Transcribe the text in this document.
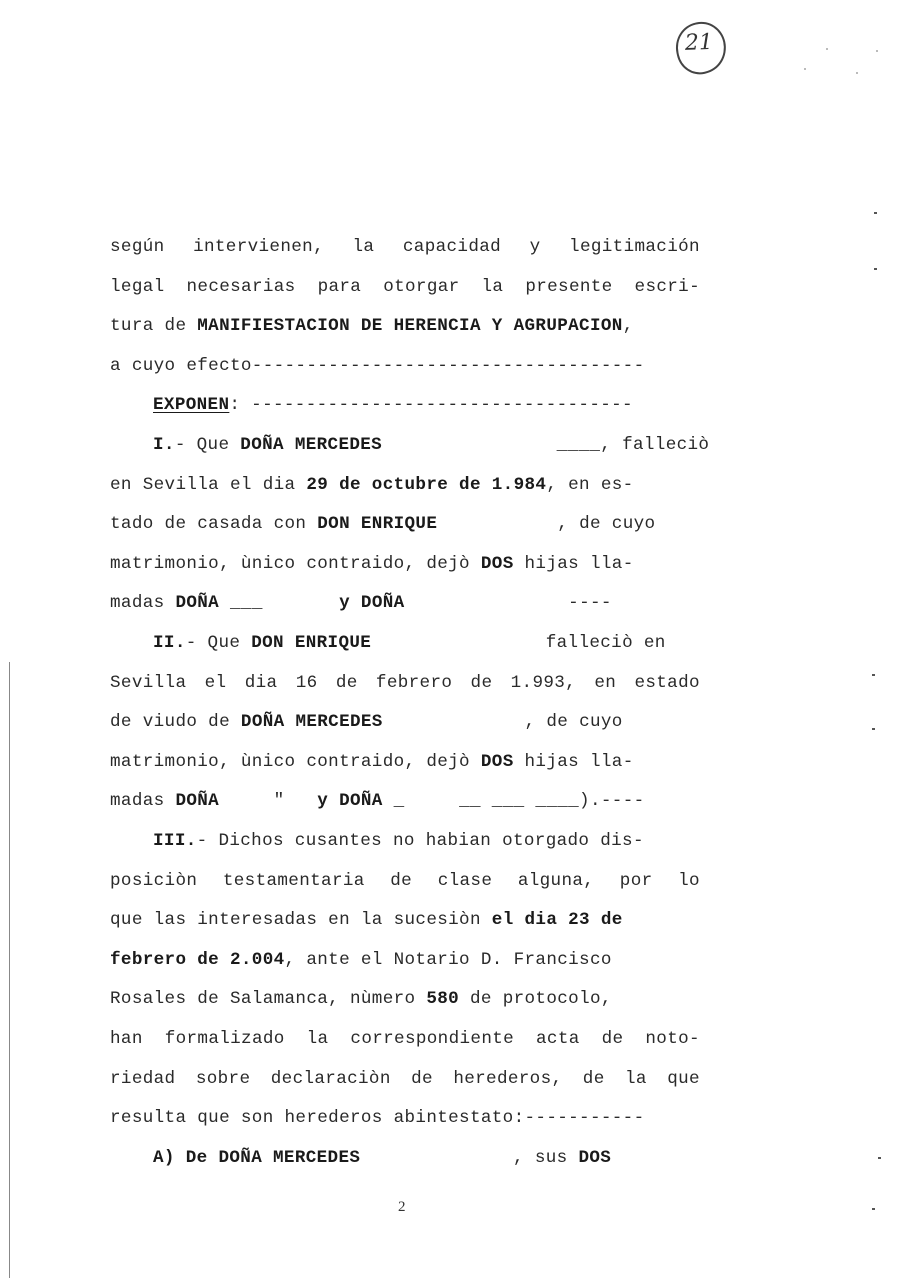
21
según intervienen, la capacidad y legitimación
legal necesarias para otorgar la presente escri-
tura de MANIFIESTACION DE HERENCIA Y AGRUPACION,
a cuyo efecto------------------------------------
EXPONEN: -----------------------------------
I.- Que DOÑA MERCEDES	____, falleciò
en Sevilla el dia 29 de octubre de 1.984, en es-
tado de casada con DON ENRIQUE	, de cuyo
matrimonio, ùnico contraido, dejò DOS hijas lla-
madas DOÑA ___       y DOÑA               ----
II.- Que DON ENRIQUE	falleciò en
Sevilla el dia 16 de febrero de 1.993, en estado
de viudo de DOÑA MERCEDES	, de cuyo
matrimonio, ùnico contraido, dejò DOS hijas lla-
madas DOÑA     "   y DOÑA _     __ ___ ____).----
III.- Dichos cusantes no habian otorgado dis-
posiciòn testamentaria de clase alguna, por lo
que las interesadas en la sucesiòn el dia 23 de
febrero de 2.004, ante el Notario D. Francisco
Rosales de Salamanca, nùmero 580 de protocolo,
han formalizado la correspondiente acta de noto-
riedad sobre declaraciòn de herederos, de la que
resulta que son herederos abintestato:-----------
A) De DOÑA MERCEDES	, sus DOS
2
